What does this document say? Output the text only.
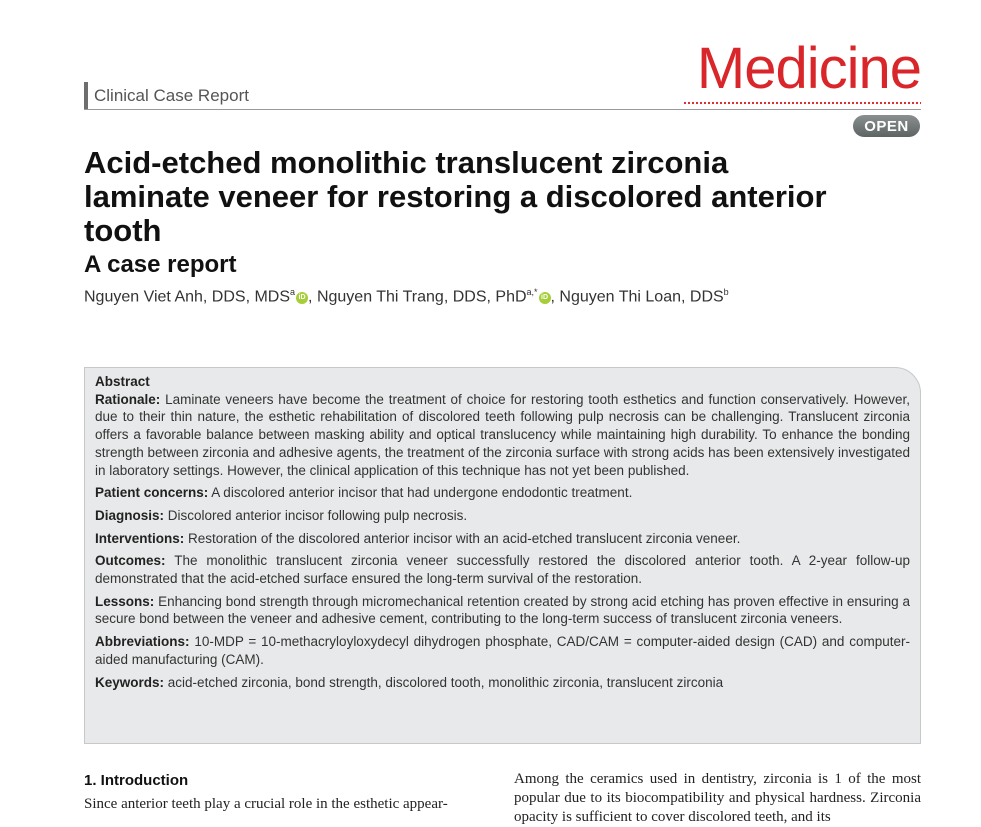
Clinical Case Report	Medicine
OPEN
Acid-etched monolithic translucent zirconia laminate veneer for restoring a discolored anterior tooth
A case report
Nguyen Viet Anh, DDS, MDS$^a$iD , Nguyen Thi Trang, DDS, PhD$^{a,*}$iD , Nguyen Thi Loan, DDS$^b$

Abstract

Rationale: Laminate veneers have become the treatment of choice for restoring tooth esthetics and function conservatively. However, due to their thin nature, the esthetic rehabilitation of discolored teeth following pulp necrosis can be challenging. Translucent zirconia offers a favorable balance between masking ability and optical translucency while maintaining high durability. To enhance the bonding strength between zirconia and adhesive agents, the treatment of the zirconia surface with strong acids has been extensively investigated in laboratory settings. However, the clinical application of this technique has not yet been published.

Patient concerns: A discolored anterior incisor that had undergone endodontic treatment.

Diagnosis: Discolored anterior incisor following pulp necrosis.

Interventions: Restoration of the discolored anterior incisor with an acid-etched translucent zirconia veneer.

Outcomes: The monolithic translucent zirconia veneer successfully restored the discolored anterior tooth. A 2-year follow-up demonstrated that the acid-etched surface ensured the long-term survival of the restoration.

Lessons: Enhancing bond strength through micromechanical retention created by strong acid etching has proven effective in ensuring a secure bond between the veneer and adhesive cement, contributing to the long-term success of translucent zirconia veneers.

Abbreviations: 10-MDP = 10-methacryloyloxydecyl dihydrogen phosphate, CAD/CAM = computer-aided design (CAD) and computer-aided manufacturing (CAM).

Keywords: acid-etched zirconia, bond strength, discolored tooth, monolithic zirconia, translucent zirconia

1. Introduction
Since anterior teeth play a crucial role in the esthetic appear-
Among the ceramics used in dentistry, zirconia is 1 of the most popular due to its biocompatibility and physical hardness. Zirconia opacity is sufficient to cover discolored teeth, and its
